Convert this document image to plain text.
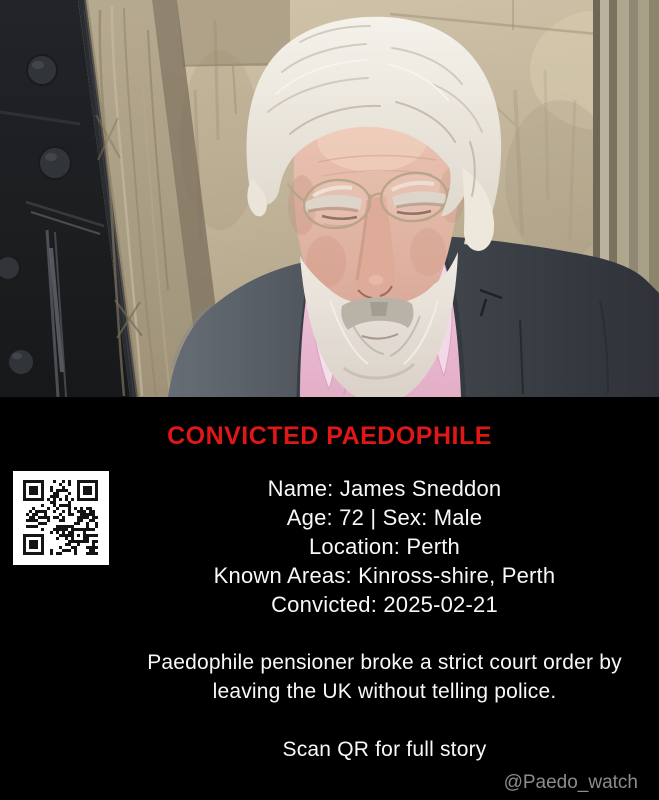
CONVICTED PAEDOPHILE
Name: James Sneddon
Age: 72 | Sex: Male
Location: Perth
Known Areas: Kinross-shire, Perth
Convicted: 2025-02-21
Paedophile pensioner broke a strict court order by
leaving the UK without telling police.
Scan QR for full story
@Paedo_watch
